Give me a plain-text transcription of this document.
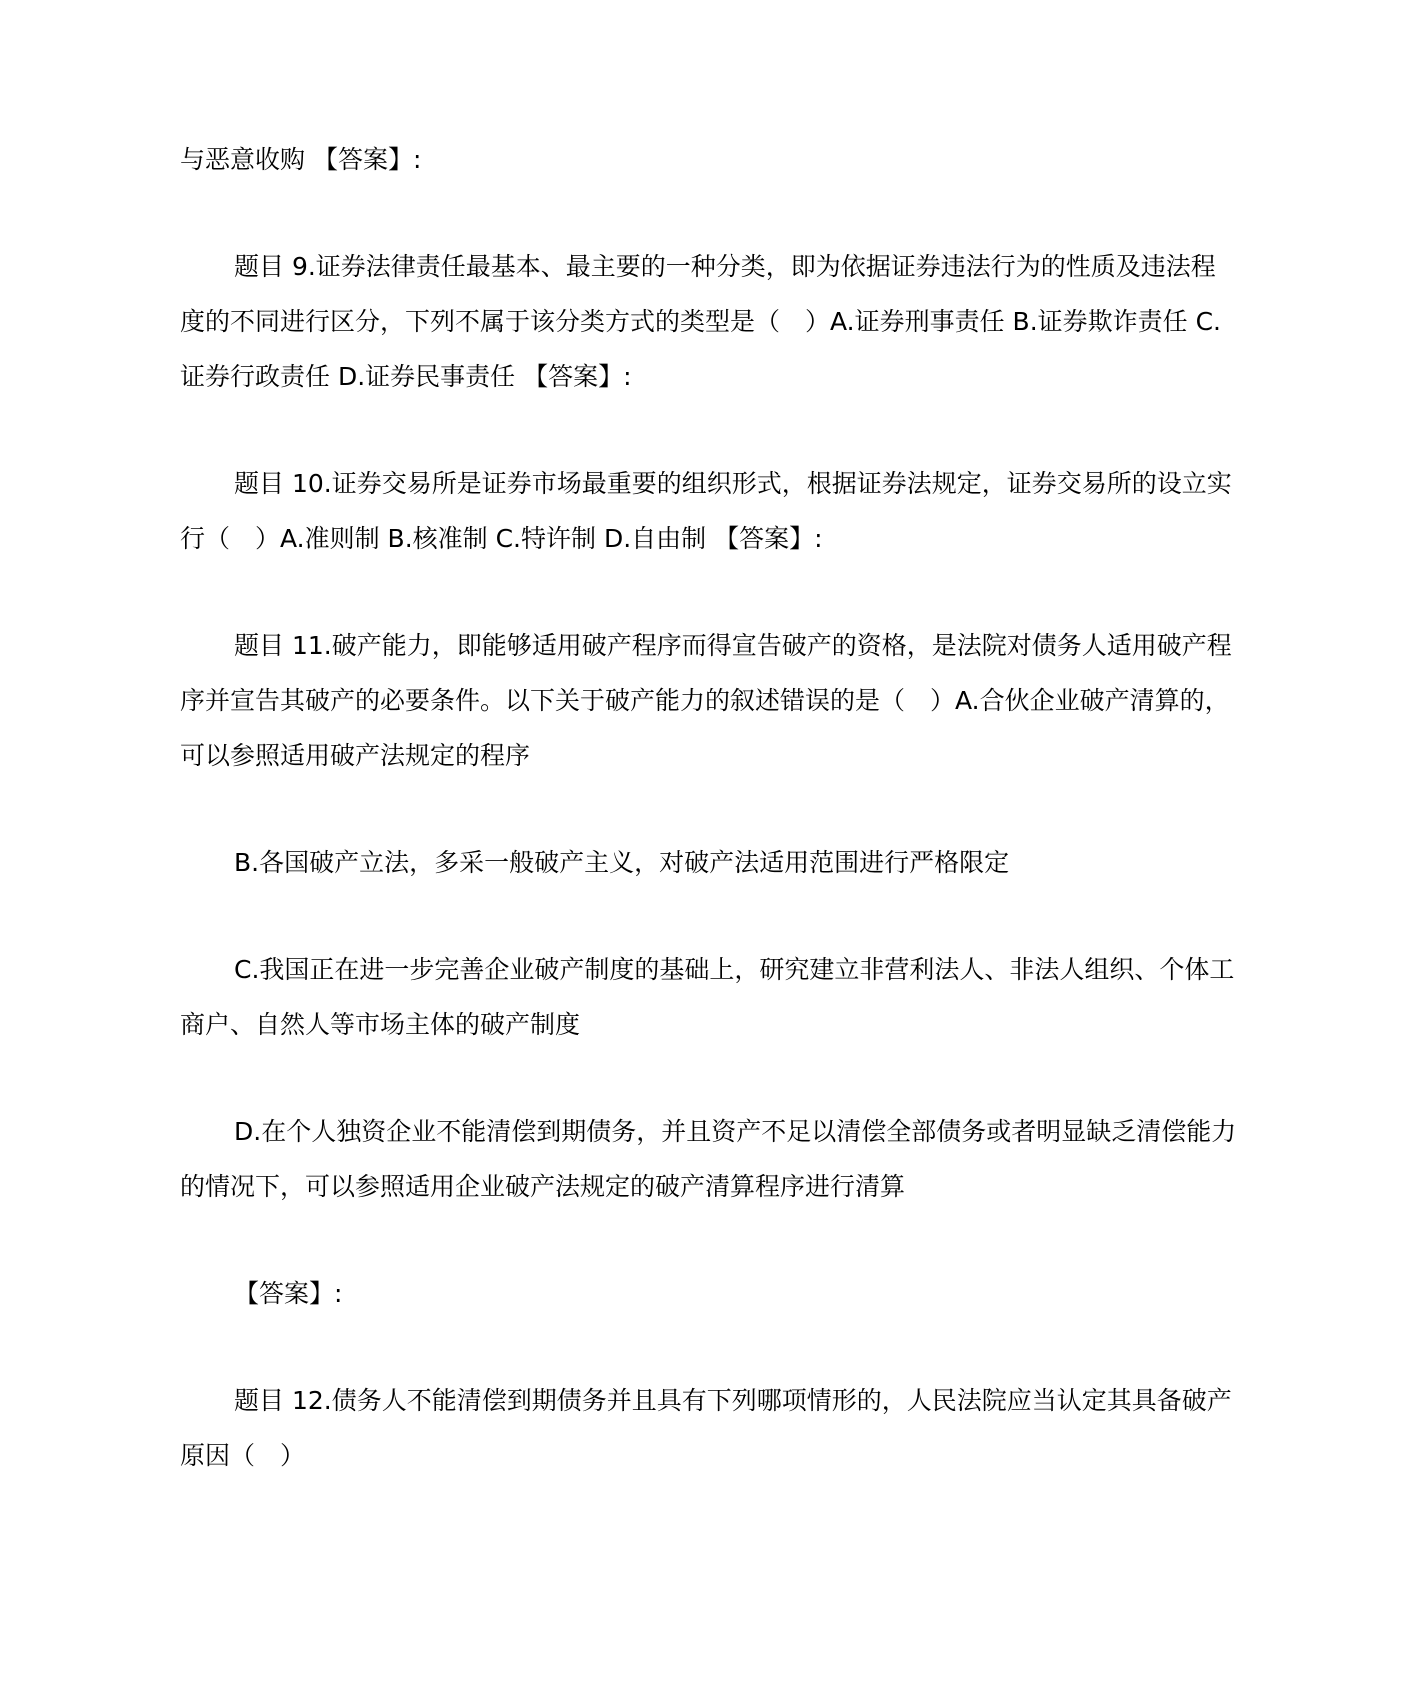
与恶意收购 【答案】:

题目 9.证券法律责任最基本、最主要的一种分类，即为依据证券违法行为的性质及违法程度的不同进行区分，下列不属于该分类方式的类型是（　）A.证券刑事责任 B.证券欺诈责任 C.证券行政责任 D.证券民事责任 【答案】:

题目 10.证券交易所是证券市场最重要的组织形式，根据证券法规定，证券交易所的设立实行（　）A.准则制 B.核准制 C.特许制 D.自由制 【答案】:

题目 11.破产能力，即能够适用破产程序而得宣告破产的资格，是法院对债务人适用破产程序并宣告其破产的必要条件。以下关于破产能力的叙述错误的是（　）A.合伙企业破产清算的，可以参照适用破产法规定的程序

B.各国破产立法，多采一般破产主义，对破产法适用范围进行严格限定

C.我国正在进一步完善企业破产制度的基础上，研究建立非营利法人、非法人组织、个体工商户、自然人等市场主体的破产制度

D.在个人独资企业不能清偿到期债务，并且资产不足以清偿全部债务或者明显缺乏清偿能力的情况下，可以参照适用企业破产法规定的破产清算程序进行清算

【答案】:

题目 12.债务人不能清偿到期债务并且具有下列哪项情形的，人民法院应当认定其具备破产原因（　）
